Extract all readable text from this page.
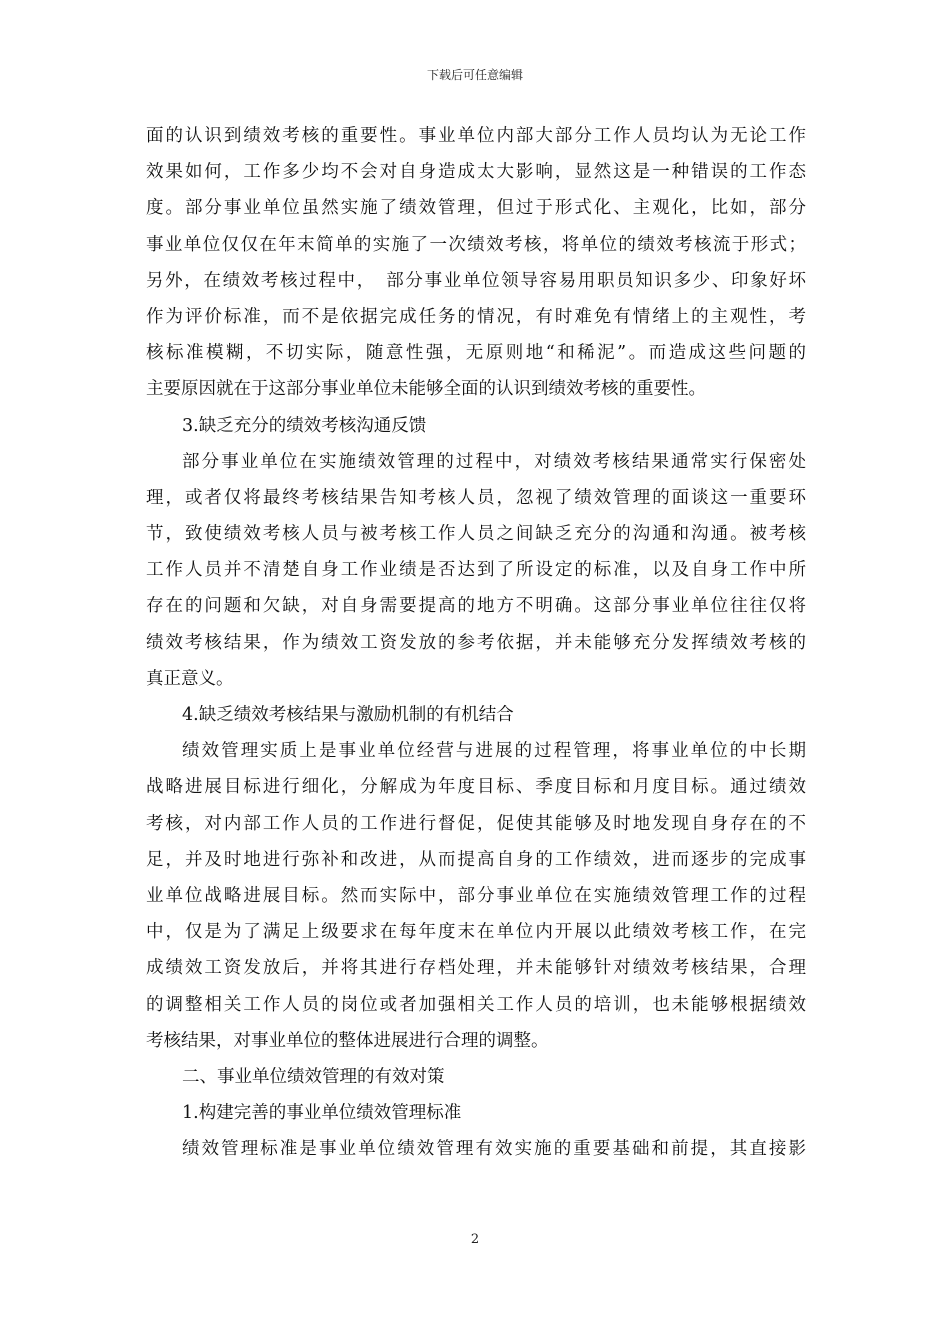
下载后可任意编辑
面的认识到绩效考核的重要性。事业单位内部大部分工作人员均认为无论工作
效果如何，工作多少均不会对自身造成太大影响，显然这是一种错误的工作态
度。部分事业单位虽然实施了绩效管理，但过于形式化、主观化，比如，部分
事业单位仅仅在年末简单的实施了一次绩效考核，将单位的绩效考核流于形式；
另外，在绩效考核过程中，　部分事业单位领导容易用职员知识多少、印象好坏
作为评价标准，而不是依据完成任务的情况，有时难免有情绪上的主观性，考
核标准模糊，不切实际，随意性强，无原则地“和稀泥”。而造成这些问题的
主要原因就在于这部分事业单位未能够全面的认识到绩效考核的重要性。
3.缺乏充分的绩效考核沟通反馈
部分事业单位在实施绩效管理的过程中，对绩效考核结果通常实行保密处
理，或者仅将最终考核结果告知考核人员，忽视了绩效管理的面谈这一重要环
节，致使绩效考核人员与被考核工作人员之间缺乏充分的沟通和沟通。被考核
工作人员并不清楚自身工作业绩是否达到了所设定的标准，以及自身工作中所
存在的问题和欠缺，对自身需要提高的地方不明确。这部分事业单位往往仅将
绩效考核结果，作为绩效工资发放的参考依据，并未能够充分发挥绩效考核的
真正意义。
4.缺乏绩效考核结果与激励机制的有机结合
绩效管理实质上是事业单位经营与进展的过程管理，将事业单位的中长期
战略进展目标进行细化，分解成为年度目标、季度目标和月度目标。通过绩效
考核，对内部工作人员的工作进行督促，促使其能够及时地发现自身存在的不
足，并及时地进行弥补和改进，从而提高自身的工作绩效，进而逐步的完成事
业单位战略进展目标。然而实际中，部分事业单位在实施绩效管理工作的过程
中，仅是为了满足上级要求在每年度末在单位内开展以此绩效考核工作，在完
成绩效工资发放后，并将其进行存档处理，并未能够针对绩效考核结果，合理
的调整相关工作人员的岗位或者加强相关工作人员的培训，也未能够根据绩效
考核结果，对事业单位的整体进展进行合理的调整。
二、事业单位绩效管理的有效对策
1.构建完善的事业单位绩效管理标准
绩效管理标准是事业单位绩效管理有效实施的重要基础和前提，其直接影
2
